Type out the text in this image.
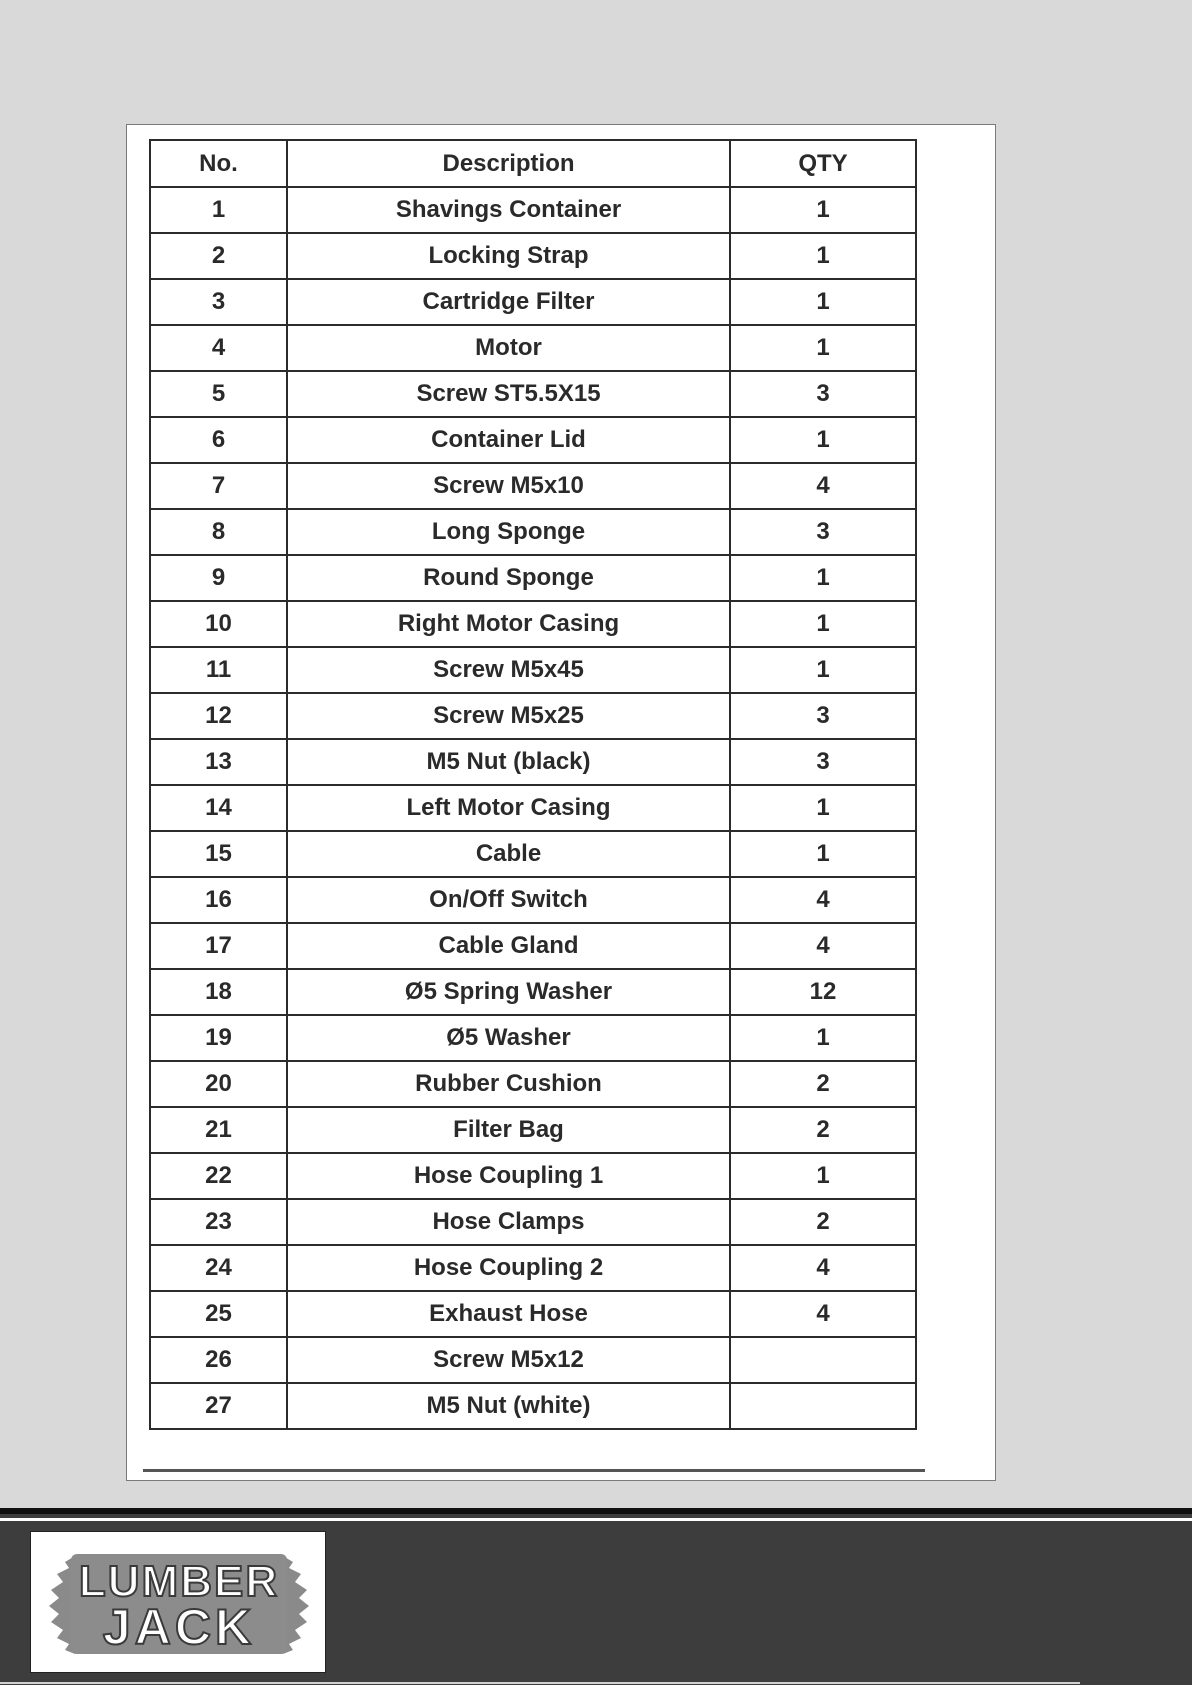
No.	Description	QTY
1	Shavings Container	1
2	Locking Strap	1
3	Cartridge Filter	1
4	Motor	1
5	Screw ST5.5X15	3
6	Container Lid	1
7	Screw M5x10	4
8	Long Sponge	3
9	Round Sponge	1
10	Right Motor Casing	1
11	Screw M5x45	1
12	Screw M5x25	3
13	M5 Nut (black)	3
14	Left Motor Casing	1
15	Cable	1
16	On/Off Switch	4
17	Cable Gland	4
18	Ø5 Spring Washer	12
19	Ø5 Washer	1
20	Rubber Cushion	2
21	Filter Bag	2
22	Hose Coupling 1	1
23	Hose Clamps	2
24	Hose Coupling 2	4
25	Exhaust Hose	4
26	Screw M5x12	
27	M5 Nut (white)	
LUMBER
JACK
